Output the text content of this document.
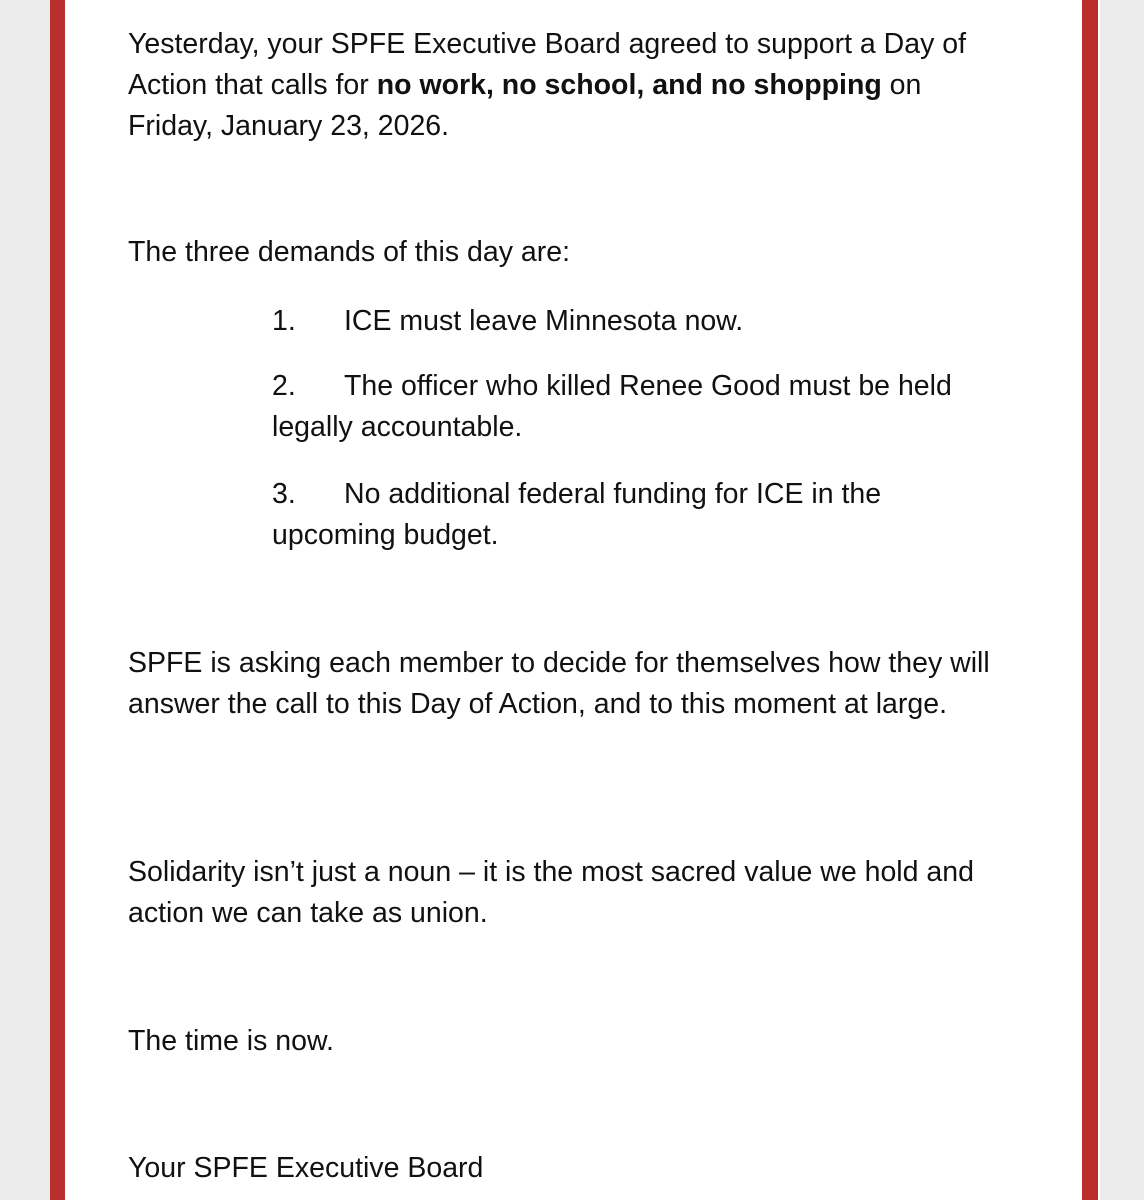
Yesterday, your SPFE Executive Board agreed to support a Day of Action that calls for no work, no school, and no shopping on Friday, January 23, 2026.

The three demands of this day are:
1. ICE must leave Minnesota now.
2. The officer who killed Renee Good must be held legally accountable.
3. No additional federal funding for ICE in the upcoming budget.
SPFE is asking each member to decide for themselves how they will answer the call to this Day of Action, and to this moment at large.
Solidarity isn’t just a noun – it is the most sacred value we hold and action we can take as union.
The time is now.
Your SPFE Executive Board
